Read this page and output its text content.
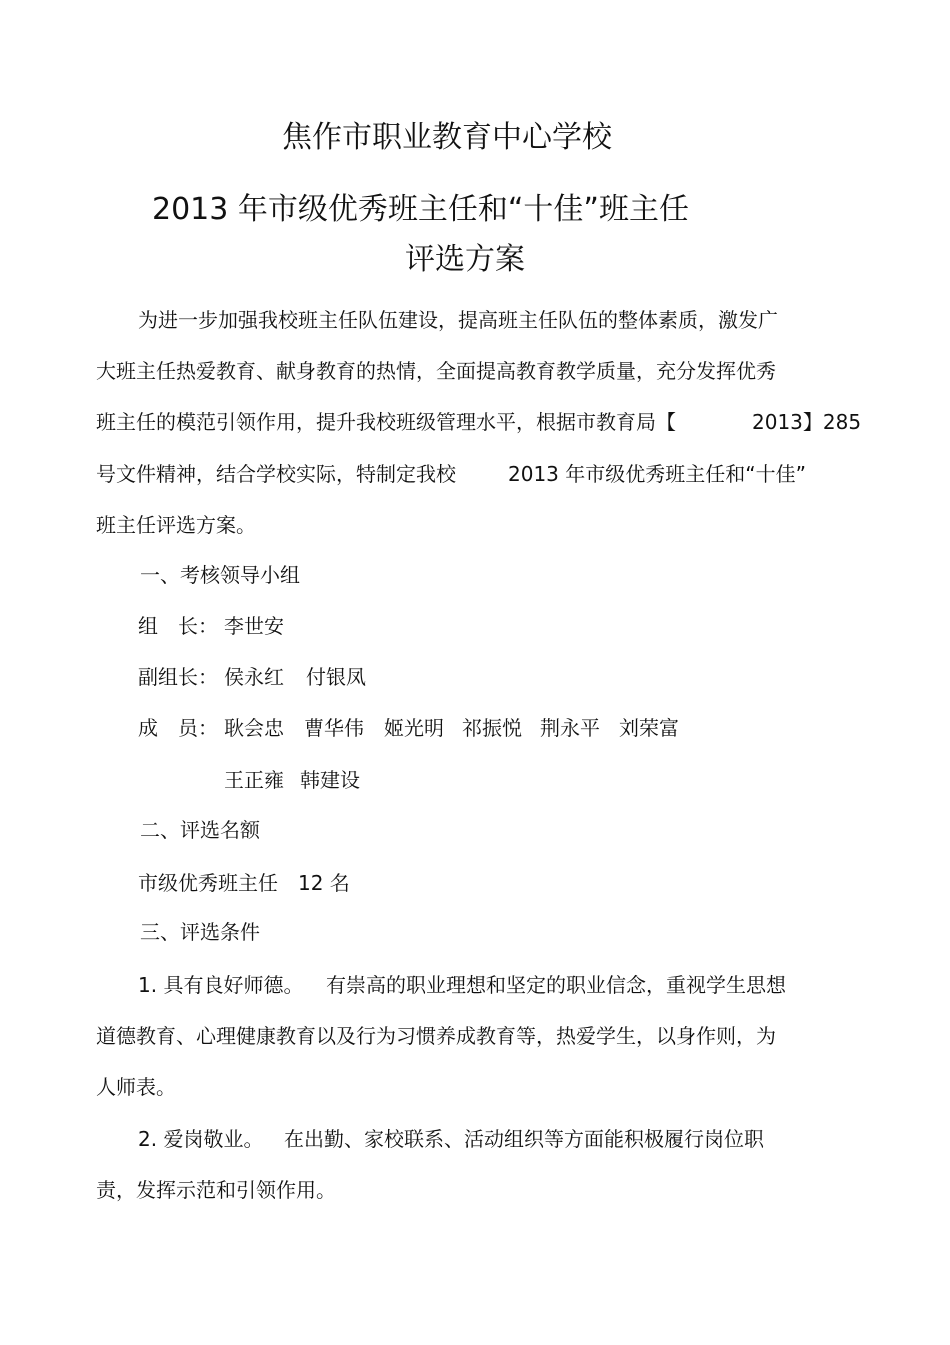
焦作市职业教育中心学校
2013 年市级优秀班主任和“十佳”班主任
评选方案
为进一步加强我校班主任队伍建设，提高班主任队伍的整体素质，激发广
大班主任热爱教育、献身教育的热情，全面提高教育教学质量，充分发挥优秀
班主任的模范引领作用，提升我校班级管理水平，根据市教育局【	2013】285
号文件精神，结合学校实际，特制定我校	2013 年市级优秀班主任和“十佳”
班主任评选方案。
一、考核领导小组
组　长： 李世安
副组长： 侯永红 付银凤
成　员： 耿会忠 曹华伟 姬光明 祁振悦 荆永平 刘荣富
王正雍 韩建设
二、评选名额
市级优秀班主任　12 名
三、评选条件
1. 具有良好师德。 有崇高的职业理想和坚定的职业信念，重视学生思想
道德教育、心理健康教育以及行为习惯养成教育等，热爱学生，以身作则，为
人师表。
2. 爱岗敬业。 在出勤、家校联系、活动组织等方面能积极履行岗位职
责，发挥示范和引领作用。
